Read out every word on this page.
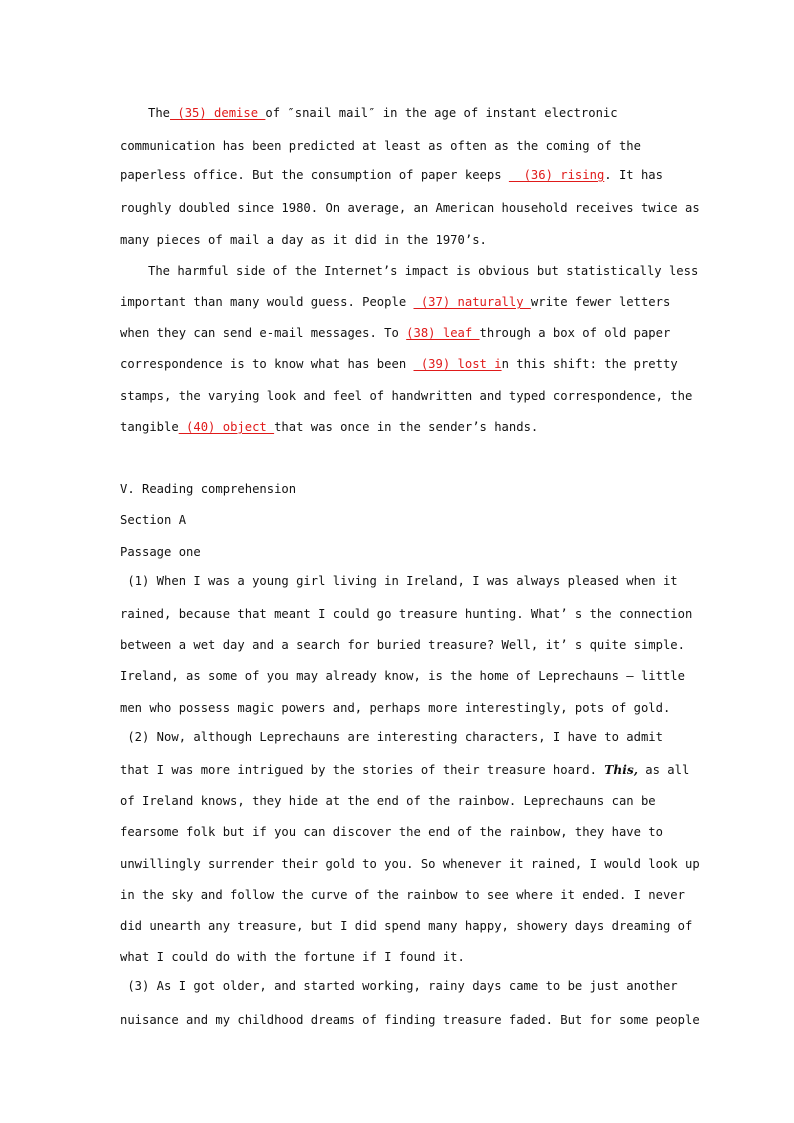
The (35) demise of ″snail mail″ in the age of instant electronic
communication has been predicted at least as often as the coming of the
paperless office. But the consumption of paper keeps   (36) rising. It has
roughly doubled since 1980. On average, an American household receives twice as
many pieces of mail a day as it did in the 1970’s.
The harmful side of the Internet’s impact is obvious but statistically less
important than many would guess. People  (37) naturally write fewer letters
when they can send e-mail messages. To (38) leaf through a box of old paper
correspondence is to know what has been  (39) lost in this shift: the pretty
stamps, the varying look and feel of handwritten and typed correspondence, the
tangible (40) object that was once in the sender’s hands.
V. Reading comprehension
Section A
Passage one
(1) When I was a young girl living in Ireland, I was always pleased when it
rained, because that meant I could go treasure hunting. What’ s the connection
between a wet day and a search for buried treasure? Well, it’ s quite simple.
Ireland, as some of you may already know, is the home of Leprechauns – little
men who possess magic powers and, perhaps more interestingly, pots of gold.
(2) Now, although Leprechauns are interesting characters, I have to admit
that I was more intrigued by the stories of their treasure hoard. This, as all
of Ireland knows, they hide at the end of the rainbow. Leprechauns can be
fearsome folk but if you can discover the end of the rainbow, they have to
unwillingly surrender their gold to you. So whenever it rained, I would look up
in the sky and follow the curve of the rainbow to see where it ended. I never
did unearth any treasure, but I did spend many happy, showery days dreaming of
what I could do with the fortune if I found it.
(3) As I got older, and started working, rainy days came to be just another
nuisance and my childhood dreams of finding treasure faded. But for some people
